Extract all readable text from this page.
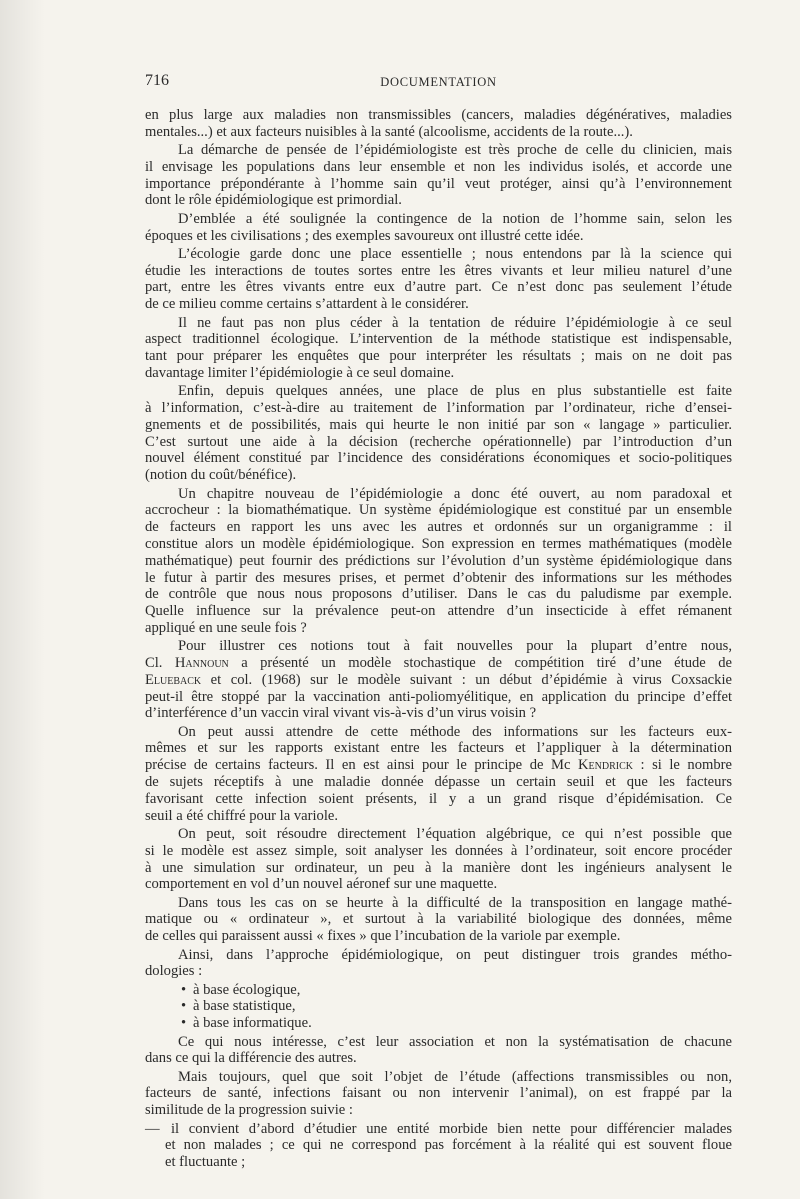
716	DOCUMENTATION
en plus large aux maladies non transmissibles (cancers, maladies dégénératives, maladies
mentales...) et aux facteurs nuisibles à la santé (alcoolisme, accidents de la route...).
La démarche de pensée de l’épidémiologiste est très proche de celle du clinicien, mais
il envisage les populations dans leur ensemble et non les individus isolés, et accorde une
importance prépondérante à l’homme sain qu’il veut protéger, ainsi qu’à l’environnement
dont le rôle épidémiologique est primordial.
D’emblée a été soulignée la contingence de la notion de l’homme sain, selon les
époques et les civilisations ; des exemples savoureux ont illustré cette idée.
L’écologie garde donc une place essentielle ; nous entendons par là la science qui
étudie les interactions de toutes sortes entre les êtres vivants et leur milieu naturel d’une
part, entre les êtres vivants entre eux d’autre part. Ce n’est donc pas seulement l’étude
de ce milieu comme certains s’attardent à le considérer.
Il ne faut pas non plus céder à la tentation de réduire l’épidémiologie à ce seul
aspect traditionnel écologique. L’intervention de la méthode statistique est indispensable,
tant pour préparer les enquêtes que pour interpréter les résultats ; mais on ne doit pas
davantage limiter l’épidémiologie à ce seul domaine.
Enfin, depuis quelques années, une place de plus en plus substantielle est faite
à l’information, c’est-à-dire au traitement de l’information par l’ordinateur, riche d’ensei-
gnements et de possibilités, mais qui heurte le non initié par son « langage » particulier.
C’est surtout une aide à la décision (recherche opérationnelle) par l’introduction d’un
nouvel élément constitué par l’incidence des considérations économiques et socio-politiques
(notion du coût/bénéfice).
Un chapitre nouveau de l’épidémiologie a donc été ouvert, au nom paradoxal et
accrocheur : la biomathématique. Un système épidémiologique est constitué par un ensemble
de facteurs en rapport les uns avec les autres et ordonnés sur un organigramme : il
constitue alors un modèle épidémiologique. Son expression en termes mathématiques (modèle
mathématique) peut fournir des prédictions sur l’évolution d’un système épidémiologique dans
le futur à partir des mesures prises, et permet d’obtenir des informations sur les méthodes
de contrôle que nous nous proposons d’utiliser. Dans le cas du paludisme par exemple.
Quelle influence sur la prévalence peut-on attendre d’un insecticide à effet rémanent
appliqué en une seule fois ?
Pour illustrer ces notions tout à fait nouvelles pour la plupart d’entre nous,
Cl. Hannoun a présenté un modèle stochastique de compétition tiré d’une étude de
Elueback et col. (1968) sur le modèle suivant : un début d’épidémie à virus Coxsackie
peut-il être stoppé par la vaccination anti-poliomyélitique, en application du principe d’effet
d’interférence d’un vaccin viral vivant vis-à-vis d’un virus voisin ?
On peut aussi attendre de cette méthode des informations sur les facteurs eux-
mêmes et sur les rapports existant entre les facteurs et l’appliquer à la détermination
précise de certains facteurs. Il en est ainsi pour le principe de Mc Kendrick : si le nombre
de sujets réceptifs à une maladie donnée dépasse un certain seuil et que les facteurs
favorisant cette infection soient présents, il y a un grand risque d’épidémisation. Ce
seuil a été chiffré pour la variole.
On peut, soit résoudre directement l’équation algébrique, ce qui n’est possible que
si le modèle est assez simple, soit analyser les données à l’ordinateur, soit encore procéder
à une simulation sur ordinateur, un peu à la manière dont les ingénieurs analysent le
comportement en vol d’un nouvel aéronef sur une maquette.
Dans tous les cas on se heurte à la difficulté de la transposition en langage mathé-
matique ou « ordinateur », et surtout à la variabilité biologique des données, même
de celles qui paraissent aussi « fixes » que l’incubation de la variole par exemple.
Ainsi, dans l’approche épidémiologique, on peut distinguer trois grandes métho-
dologies :
• à base écologique,
• à base statistique,
• à base informatique.
Ce qui nous intéresse, c’est leur association et non la systématisation de chacune
dans ce qui la différencie des autres.
Mais toujours, quel que soit l’objet de l’étude (affections transmissibles ou non,
facteurs de santé, infections faisant ou non intervenir l’animal), on est frappé par la
similitude de la progression suivie :
— il convient d’abord d’étudier une entité morbide bien nette pour différencier malades
et non malades ; ce qui ne correspond pas forcément à la réalité qui est souvent floue
et fluctuante ;
